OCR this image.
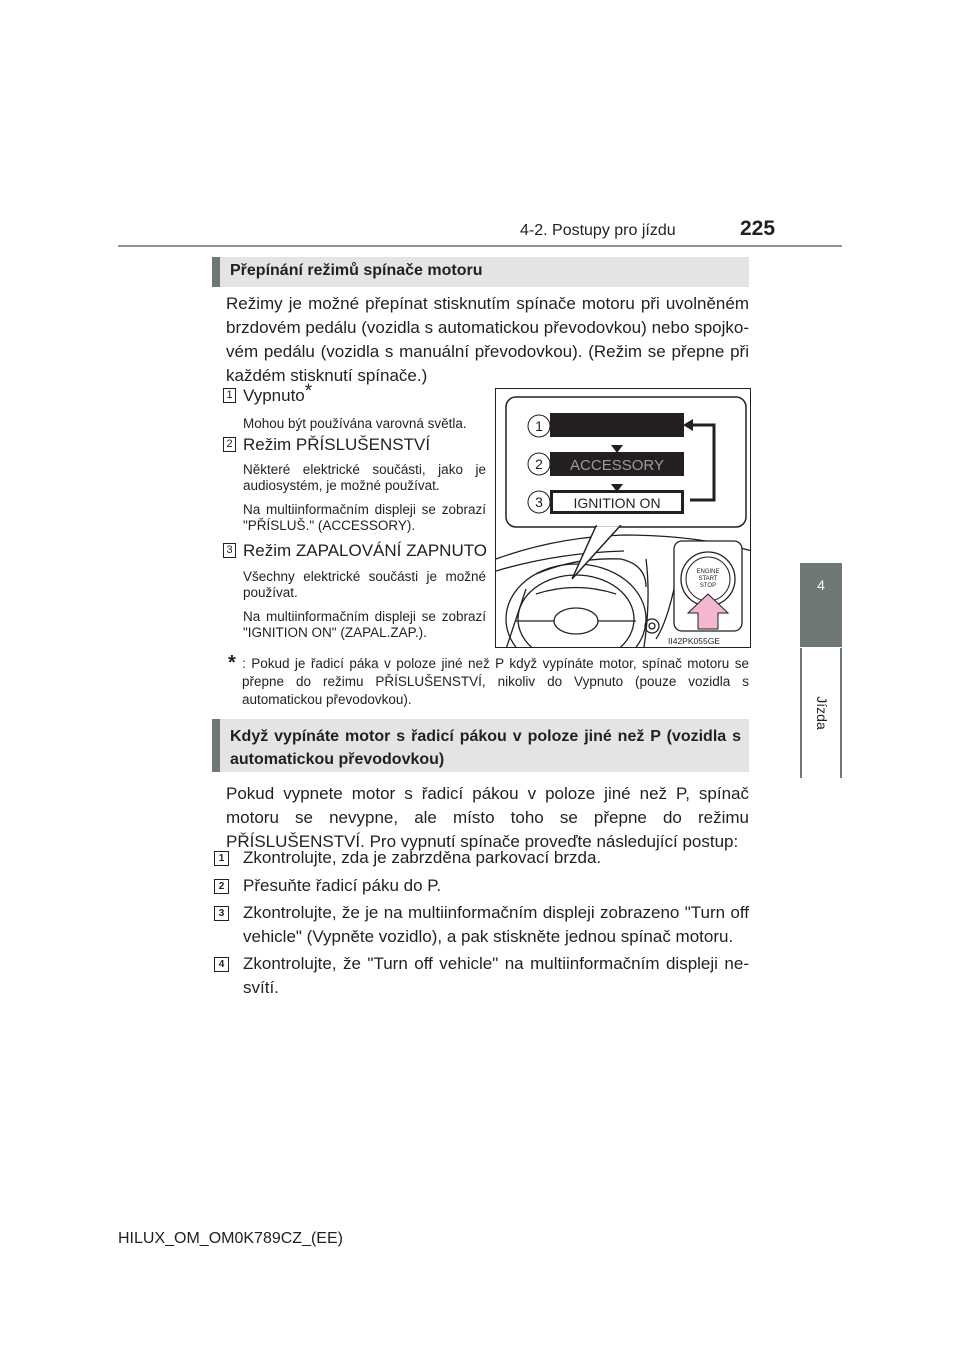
4-2. Postupy pro jízdu	225
4
Jízda
Přepínání režimů spínače motoru
Režimy je možné přepínat stisknutím spínače motoru při uvolněném brzdovém pedálu (vozidla s automatickou převodovkou) nebo spojkovém pedálu (vozidla s manuální převodovkou). (Režim se přepne při každém stisknutí spínače.)
1 Vypnuto*
Mohou být používána varovná světla.
2 Režim PŘÍSLUŠENSTVÍ
Některé elektrické součásti, jako je audiosystém, je možné používat.
Na multiinformačním displeji se zobrazí "PŘÍSLUŠ." (ACCESSORY).
3 Režim ZAPALOVÁNÍ ZAPNUTO
Všechny elektrické součásti je možné používat.
Na multiinformačním displeji se zobrazí "IGNITION ON" (ZAPAL.ZAP.).
1
2 ACCESSORY
3 IGNITION ON
ENGINE
START
STOP
II42PK055GE
* : Pokud je řadicí páka v poloze jiné než P když vypínáte motor, spínač motoru se přepne do režimu PŘÍSLUŠENSTVÍ, nikoliv do Vypnuto (pouze vozidla s automatickou převodovkou).
Když vypínáte motor s řadicí pákou v poloze jiné než P (vozidla s automatickou převodovkou)
Pokud vypnete motor s řadicí pákou v poloze jiné než P, spínač motoru se nevypne, ale místo toho se přepne do režimu PŘÍSLUŠENSTVÍ. Pro vypnutí spínače proveďte následující postup:
1 Zkontrolujte, zda je zabrzděna parkovací brzda.
2 Přesuňte řadicí páku do P.
3 Zkontrolujte, že je na multiinformačním displeji zobrazeno "Turn off vehicle" (Vypněte vozidlo), a pak stiskněte jednou spínač motoru.
4 Zkontrolujte, že "Turn off vehicle" na multiinformačním displeji nesvítí.
HILUX_OM_OM0K789CZ_(EE)
